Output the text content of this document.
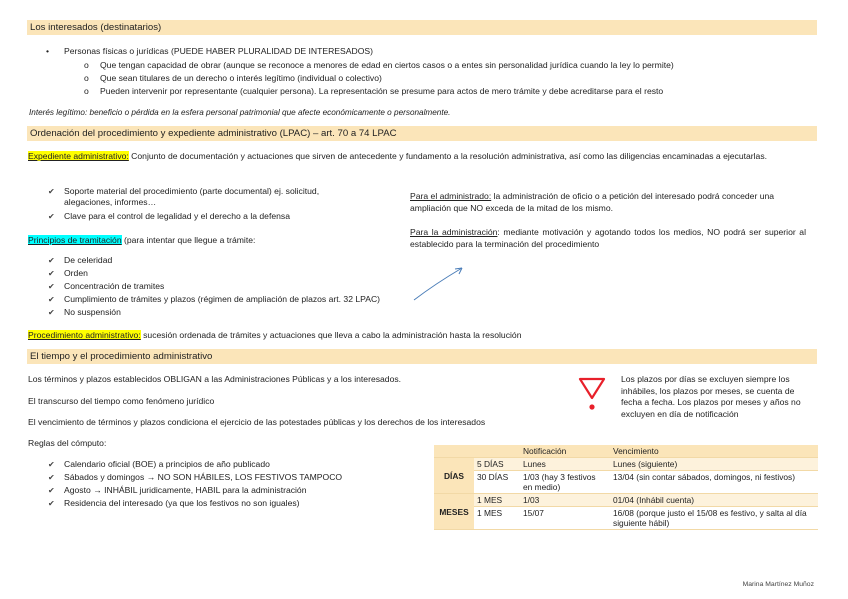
Los interesados (destinatarios)
• Personas físicas o jurídicas (PUEDE HABER PLURALIDAD DE INTERESADOS)
o Que tengan capacidad de obrar (aunque se reconoce a menores de edad en ciertos casos o a entes sin personalidad jurídica cuando la ley lo permite)
o Que sean titulares de un derecho o interés legítimo (individual o colectivo)
o Pueden intervenir por representante (cualquier persona). La representación se presume para actos de mero trámite y debe acreditarse para el resto
Interés legítimo: beneficio o pérdida en la esfera personal patrimonial que afecte económicamente o personalmente.
Ordenación del procedimiento y expediente administrativo (LPAC) – art. 70 a 74 LPAC
Expediente administrativo: Conjunto de documentación y actuaciones que sirven de antecedente y fundamento a la resolución administrativa, así como las diligencias encaminadas a ejecutarlas.
✔ Soporte material del procedimiento (parte documental) ej. solicitud, alegaciones, informes…
✔ Clave para el control de legalidad y el derecho a la defensa
Principios de tramitación (para intentar que llegue a trámite:
✔ De celeridad
✔ Orden
✔ Concentración de tramites
✔ Cumplimiento de trámites y plazos (régimen de ampliación de plazos art. 32 LPAC)
✔ No suspensión
Para el administrado: la administración de oficio o a petición del interesado podrá conceder una ampliación que NO exceda de la mitad de los mismo.
Para la administración: mediante motivación y agotando todos los medios, NO podrá ser superior al establecido para la terminación del procedimiento
Procedimiento administrativo: sucesión ordenada de trámites y actuaciones que lleva a cabo la administración hasta la resolución
El tiempo y el procedimiento administrativo
Los términos y plazos establecidos OBLIGAN a las Administraciones Públicas y a los interesados.
El transcurso del tiempo como fenómeno jurídico
El vencimiento de términos y plazos condiciona el ejercicio de las potestades públicas y los derechos de los interesados
Reglas del cómputo:
✔ Calendario oficial (BOE) a principios de año publicado
✔ Sábados y domingos → NO SON HÁBILES, LOS FESTIVOS TAMPOCO
✔ Agosto → INHÁBIL juridicamente, HABIL para la administración
✔ Residencia del interesado (ya que los festivos no son iguales)
Los plazos por días se excluyen siempre los inhábiles, los plazos por meses, se cuenta de fecha a fecha. Los plazos por meses y años no excluyen en día de notificación
		Notificación	Vencimiento
DÍAS	5 DÍAS	Lunes	Lunes (siguiente)
	30 DÍAS	1/03 (hay 3 festivos en medio)	13/04 (sin contar sábados, domingos, ni festivos)
MESES	1 MES	1/03	01/04 (Inhábil cuenta)
	1 MES	15/07	16/08 (porque justo el 15/08 es festivo, y salta al día siguiente hábil)
Marina Martínez Muñoz
